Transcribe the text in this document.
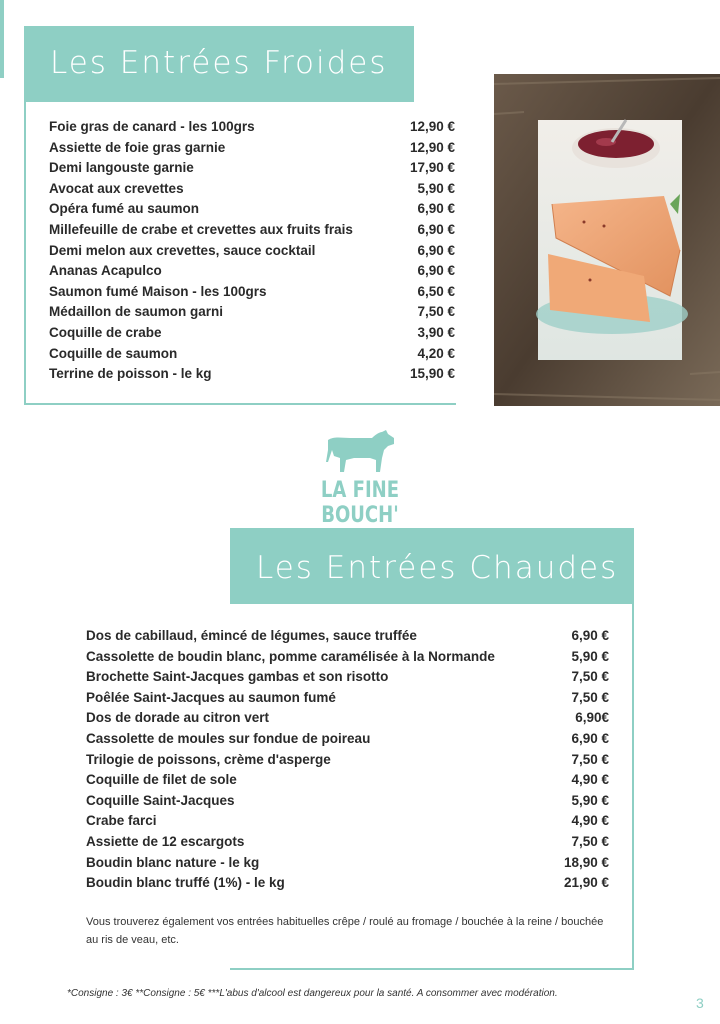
Les Entrées Froides
Foie gras de canard - les 100grs	12,90 €
Assiette de foie gras garnie	12,90 €
Demi langouste garnie	17,90 €
Avocat aux crevettes	5,90 €
Opéra fumé au saumon	6,90 €
Millefeuille de crabe et crevettes aux fruits frais	6,90 €
Demi melon aux crevettes, sauce cocktail	6,90 €
Ananas Acapulco	6,90 €
Saumon fumé Maison - les 100grs	6,50 €
Médaillon de saumon garni	7,50 €
Coquille de crabe	3,90 €
Coquille de saumon	4,20 €
Terrine de poisson - le kg	15,90 €
LA FINE BOUCH'
Les Entrées Chaudes
Dos de cabillaud, émincé de légumes, sauce truffée	6,90 €
Cassolette de boudin blanc, pomme caramélisée à la Normande	5,90 €
Brochette Saint-Jacques gambas et son risotto	7,50 €
Poêlée Saint-Jacques au saumon fumé	7,50 €
Dos de dorade au citron vert	6,90€
Cassolette de moules sur fondue de poireau	6,90 €
Trilogie de poissons, crème d'asperge	7,50 €
Coquille de filet de sole	4,90 €
Coquille Saint-Jacques	5,90 €
Crabe farci	4,90 €
Assiette de 12 escargots	7,50 €
Boudin blanc nature - le kg	18,90 €
Boudin blanc truffé (1%) - le kg	21,90 €

Vous trouverez également vos entrées habituelles crêpe / roulé au fromage / bouchée à la reine / bouchée au ris de veau, etc.

*Consigne : 3€ **Consigne : 5€ ***L'abus d'alcool est dangereux pour la santé. A consommer avec modération.
3
